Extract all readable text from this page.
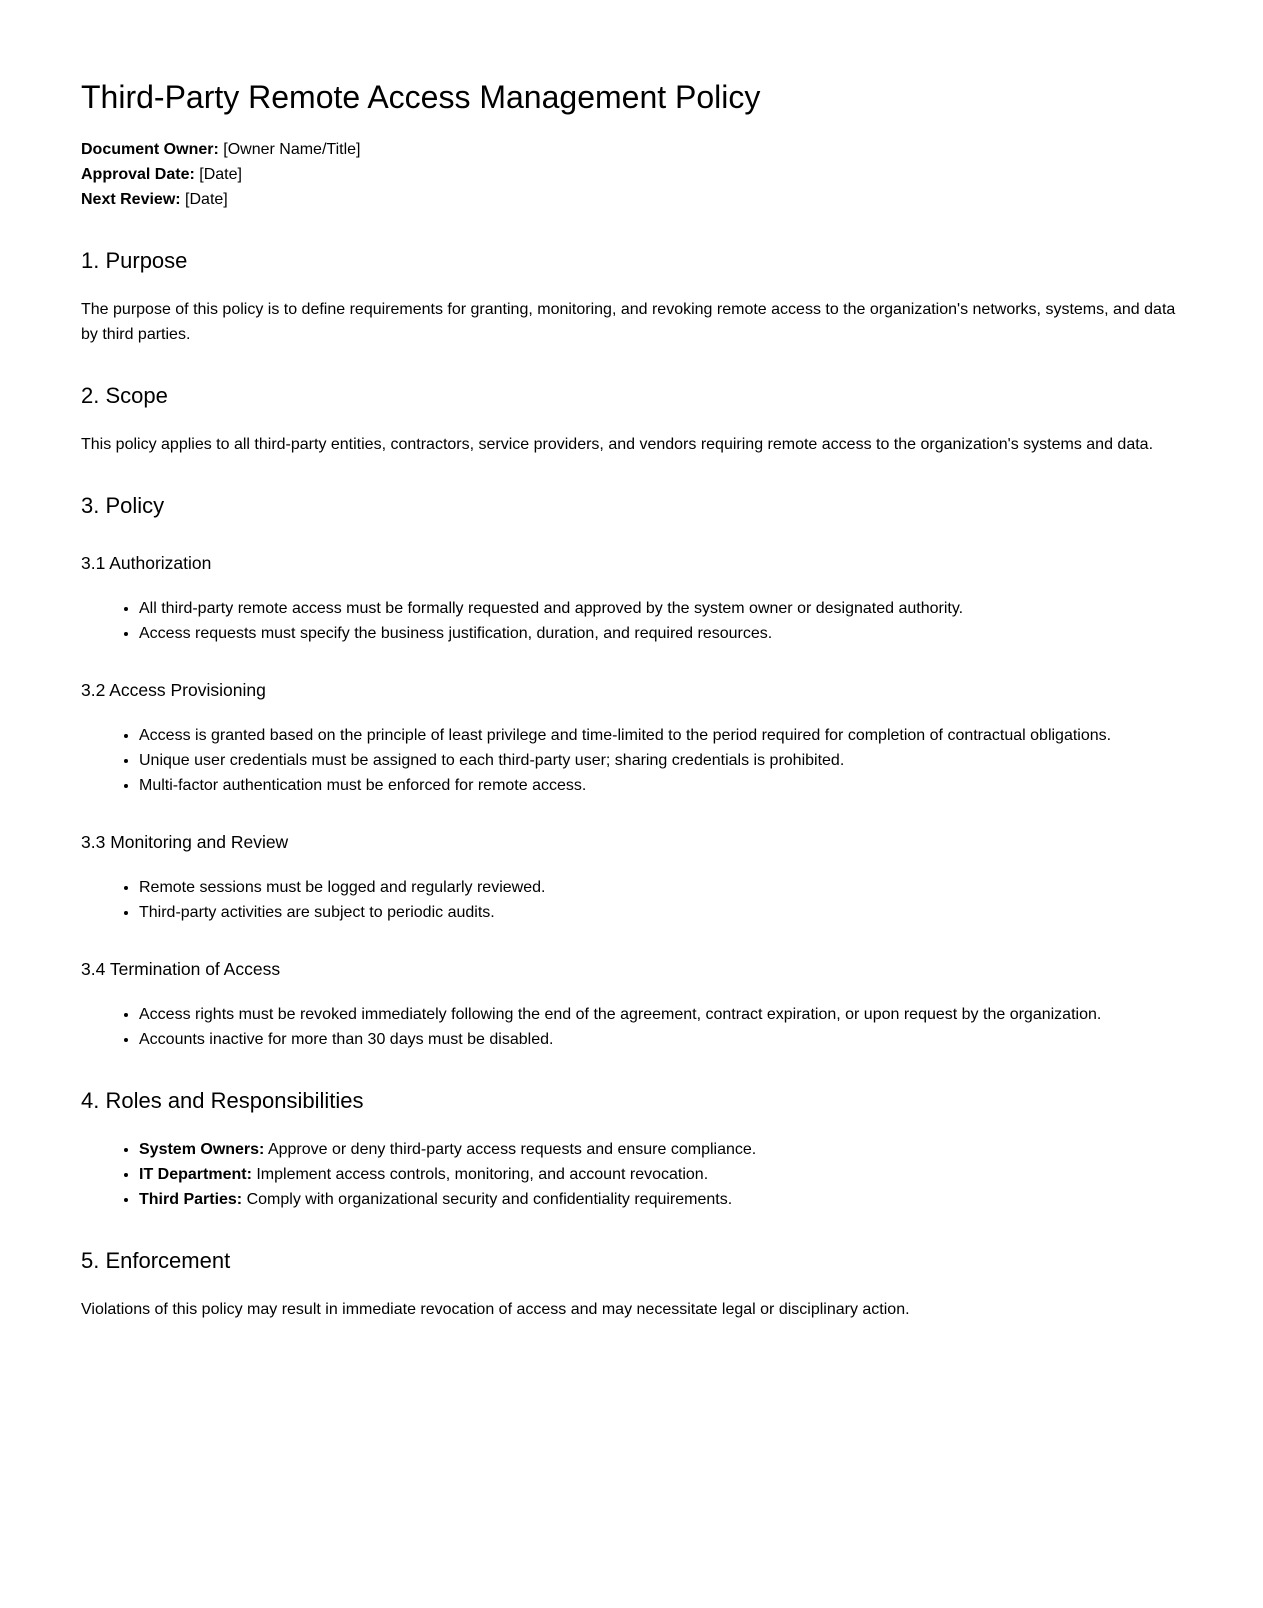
Third-Party Remote Access Management Policy

Document Owner: [Owner Name/Title]

Approval Date: [Date]

Next Review: [Date]

1. Purpose

The purpose of this policy is to define requirements for granting, monitoring, and revoking remote access to the organization's networks, systems, and data by third parties.

2. Scope

This policy applies to all third-party entities, contractors, service providers, and vendors requiring remote access to the organization's systems and data.

3. Policy
3.1 Authorization
• All third-party remote access must be formally requested and approved by the system owner or designated authority.
• Access requests must specify the business justification, duration, and required resources.
3.2 Access Provisioning
• Access is granted based on the principle of least privilege and time-limited to the period required for completion of contractual obligations.
• Unique user credentials must be assigned to each third-party user; sharing credentials is prohibited.
• Multi-factor authentication must be enforced for remote access.
3.3 Monitoring and Review
• Remote sessions must be logged and regularly reviewed.
• Third-party activities are subject to periodic audits.
3.4 Termination of Access
• Access rights must be revoked immediately following the end of the agreement, contract expiration, or upon request by the organization.
• Accounts inactive for more than 30 days must be disabled.
4. Roles and Responsibilities
• System Owners: Approve or deny third-party access requests and ensure compliance.
• IT Department: Implement access controls, monitoring, and account revocation.
• Third Parties: Comply with organizational security and confidentiality requirements.
5. Enforcement

Violations of this policy may result in immediate revocation of access and may necessitate legal or disciplinary action.
